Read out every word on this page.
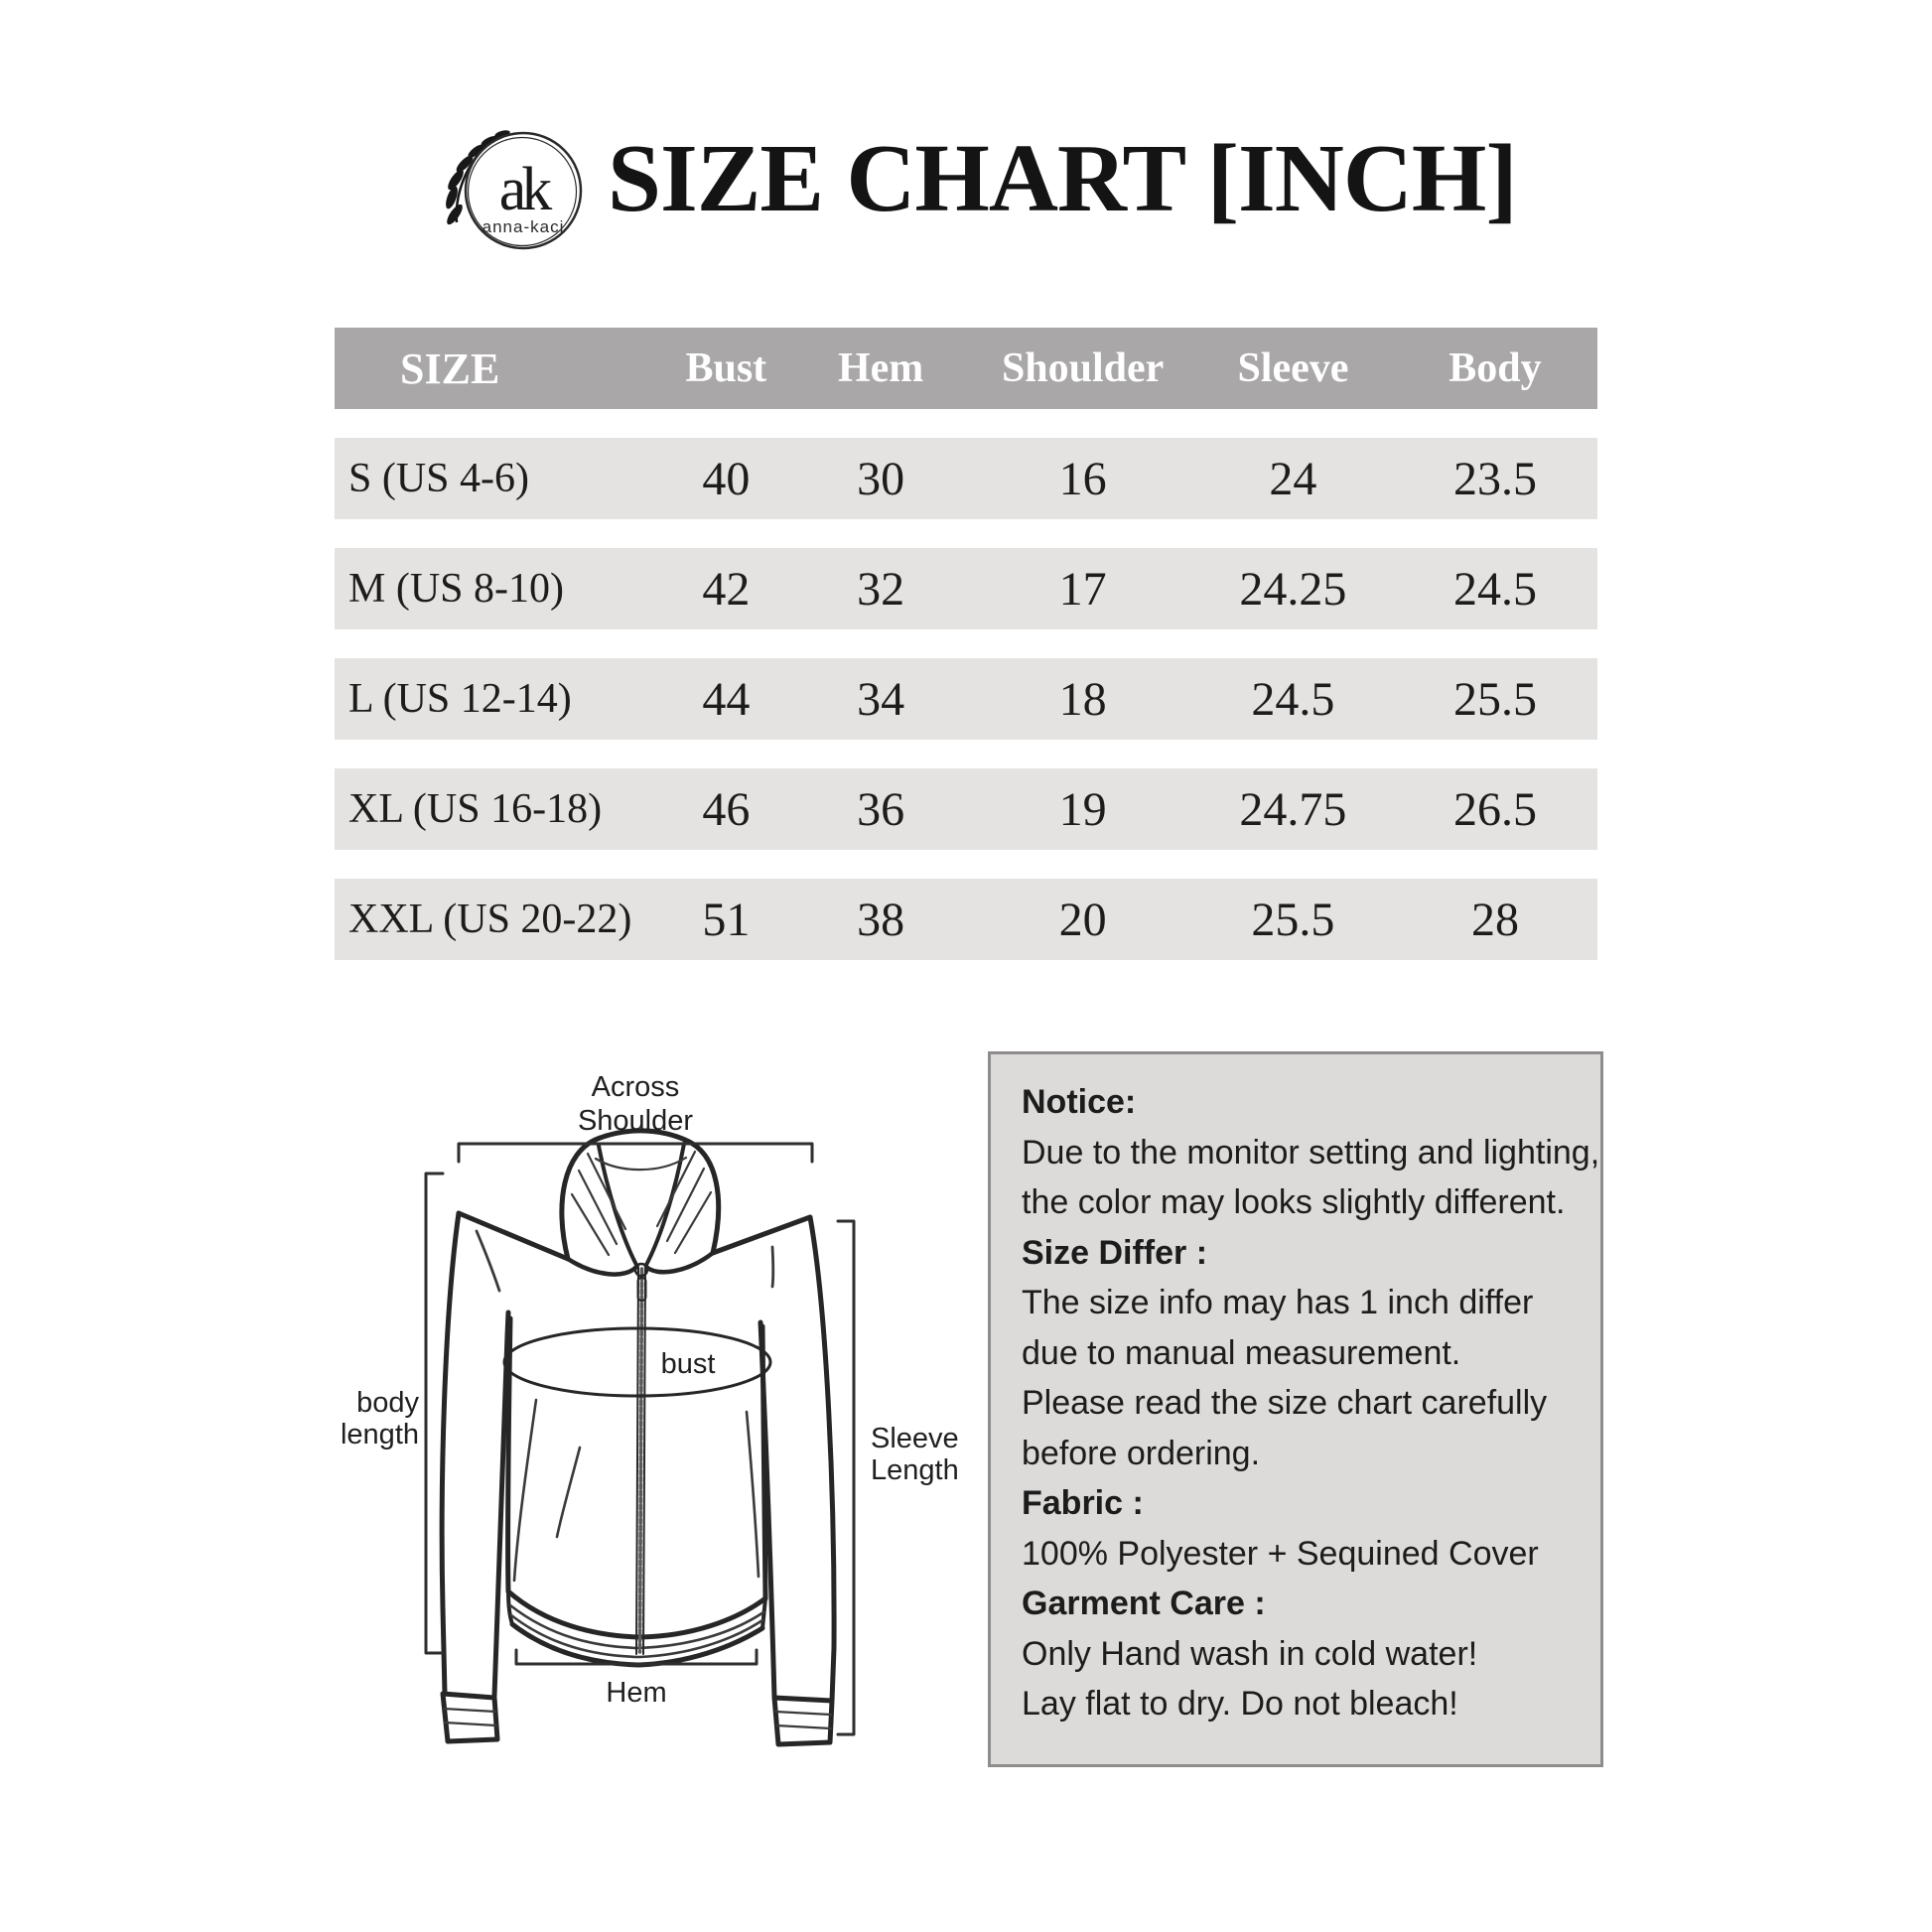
ak
anna-kaci SIZE CHART [INCH]
SIZE	Bust	Hem	Shoulder	Sleeve	Body
S (US 4-6)	40	30	16	24	23.5
M (US 8-10)	42	32	17	24.25	24.5
L (US 12-14)	44	34	18	24.5	25.5
XL (US 16-18)	46	36	19	24.75	26.5
XXL (US 20-22)	51	38	20	25.5	28
Across
Shoulder
body
length
bust
Sleeve
Length
Hem
Notice:
Due to the monitor setting and lighting,
the color may looks slightly different.
Size Differ :
The size info may has 1 inch differ
due to manual measurement.
Please read the size chart carefully
before ordering.
Fabric :
100% Polyester + Sequined Cover
Garment Care :
Only Hand wash in cold water!
Lay flat to dry. Do not bleach!
